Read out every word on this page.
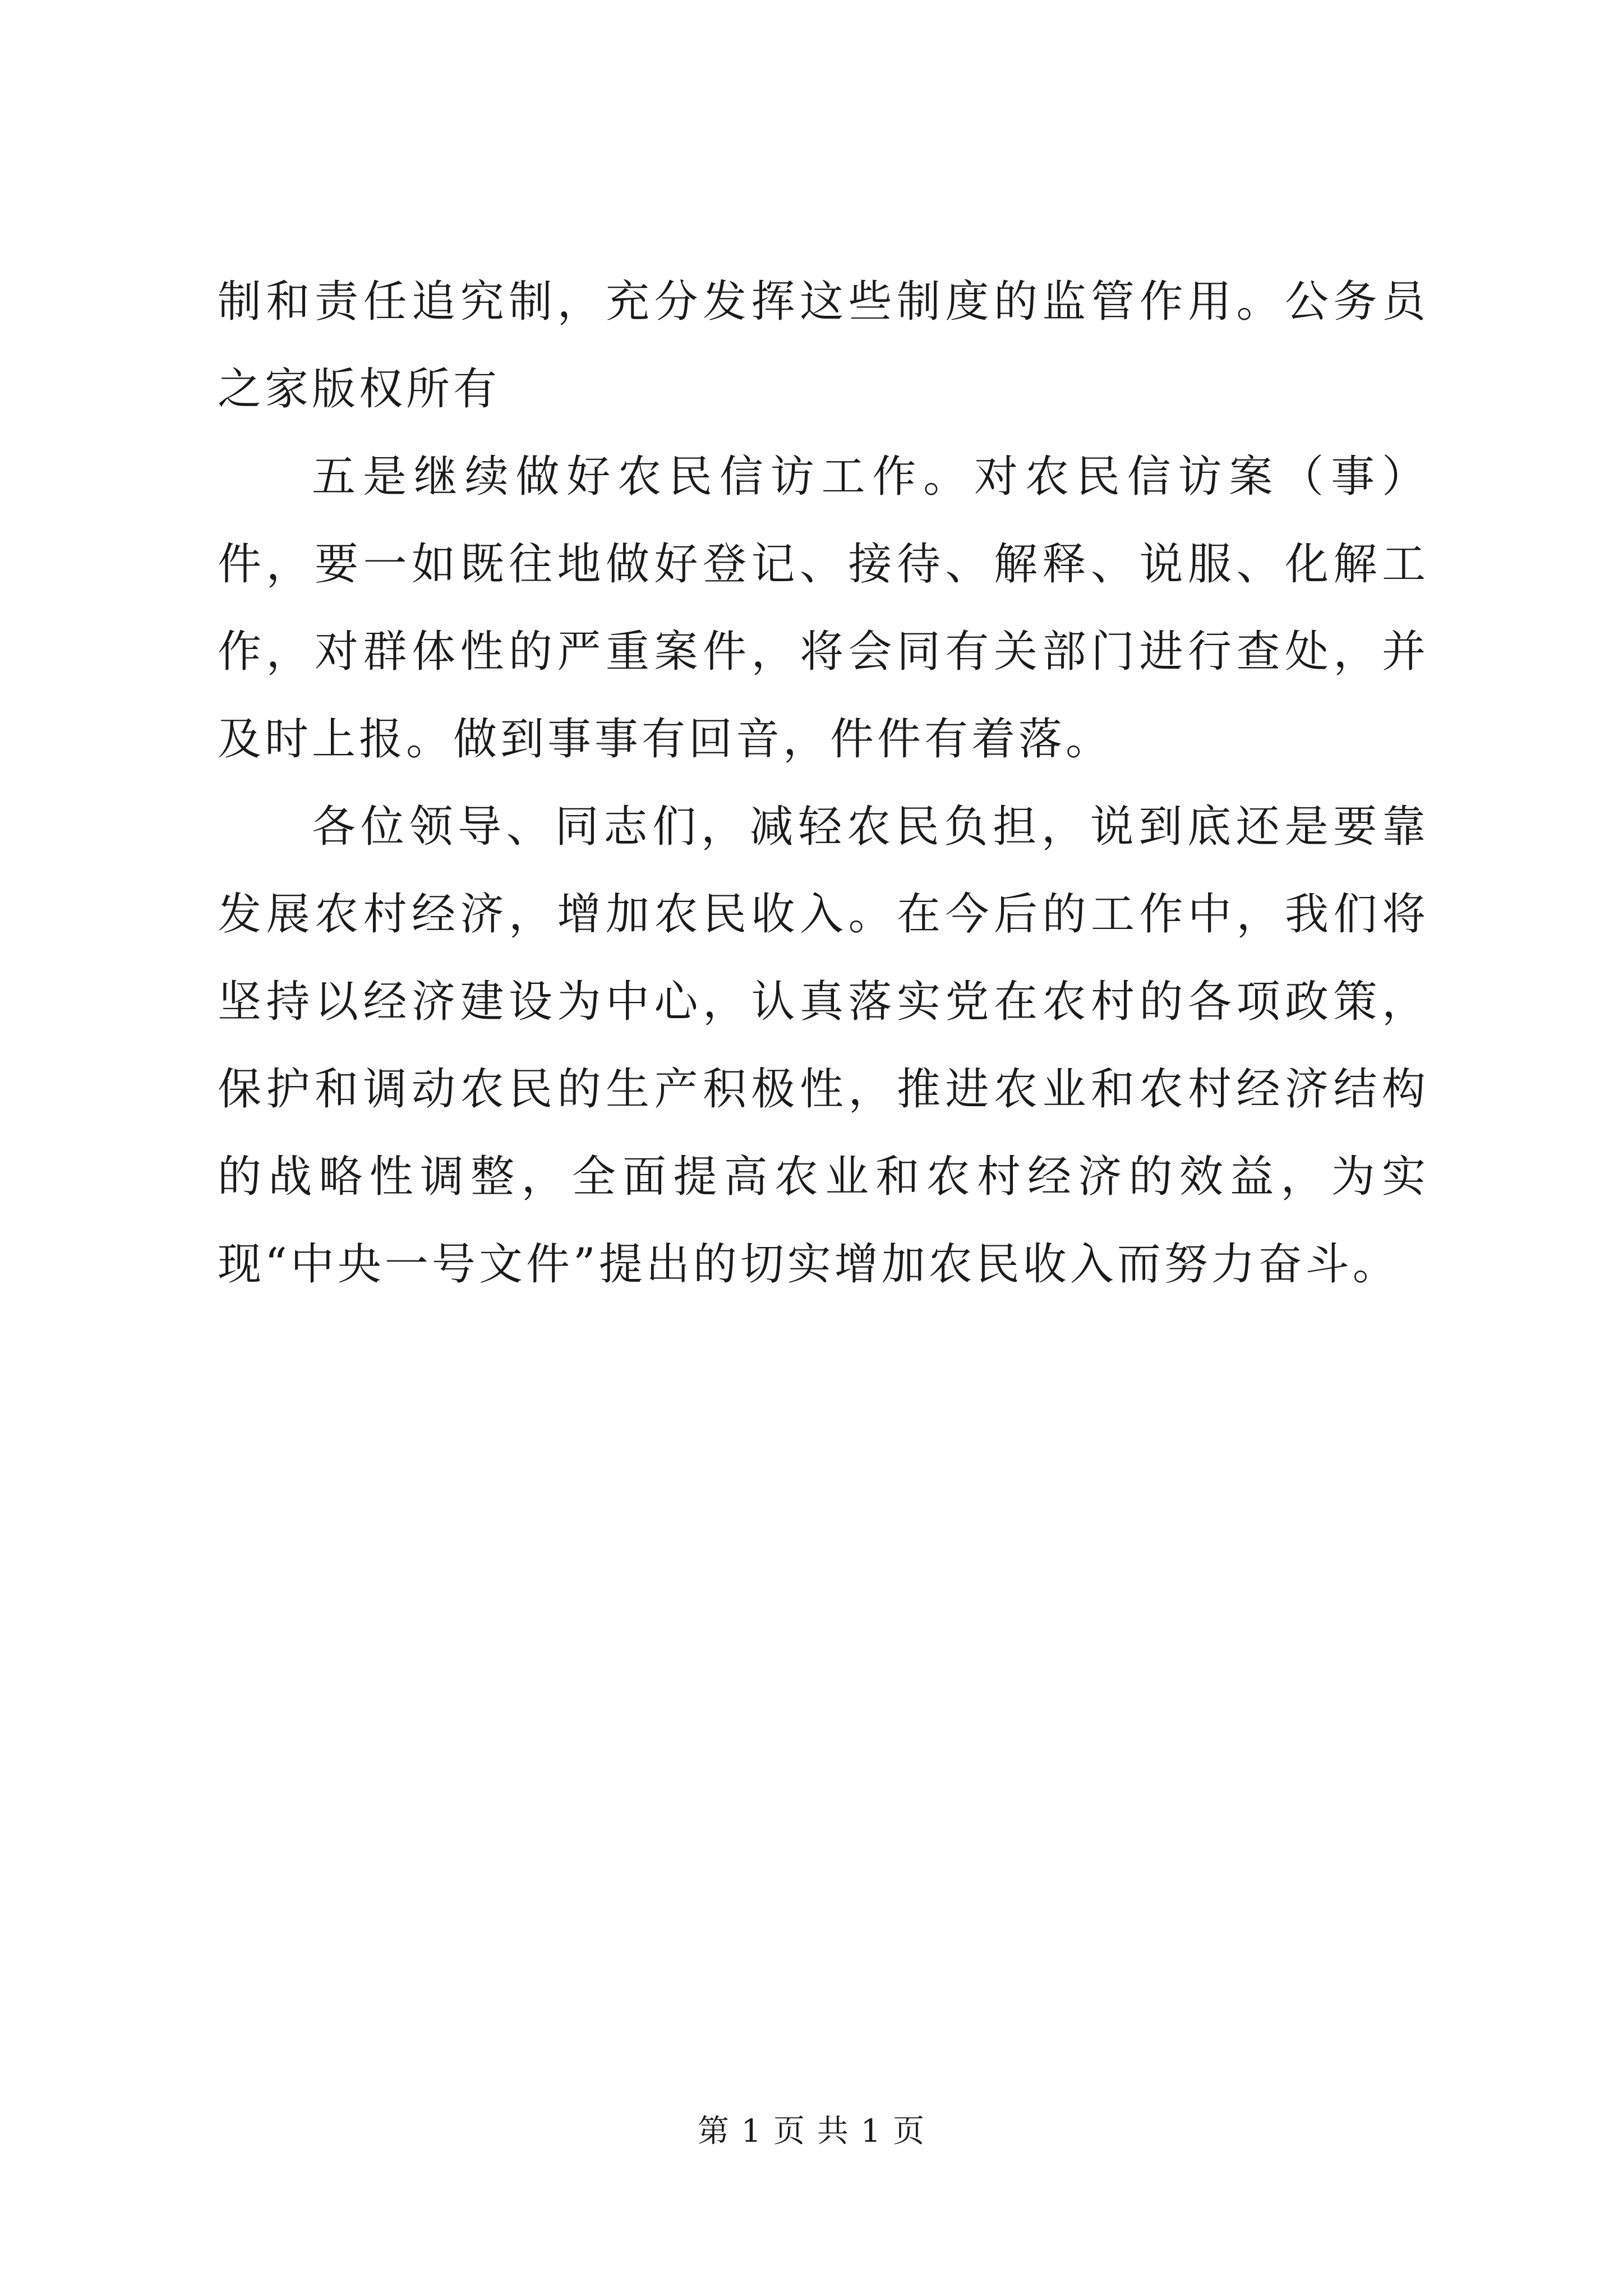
制和责任追究制，充分发挥这些制度的监管作用。公务员之家版权所有

五是继续做好农民信访工作。对农民信访案（事）件，要一如既往地做好登记、接待、解释、说服、化解工作，对群体性的严重案件，将会同有关部门进行查处，并及时上报。做到事事有回音，件件有着落。

各位领导、同志们，减轻农民负担，说到底还是要靠发展农村经济，增加农民收入。在今后的工作中，我们将坚持以经济建设为中心，认真落实党在农村的各项政策，保护和调动农民的生产积极性，推进农业和农村经济结构的战略性调整，全面提高农业和农村经济的效益，为实现“中央一号文件”提出的切实增加农民收入而努力奋斗。

第 1 页 共 1 页
